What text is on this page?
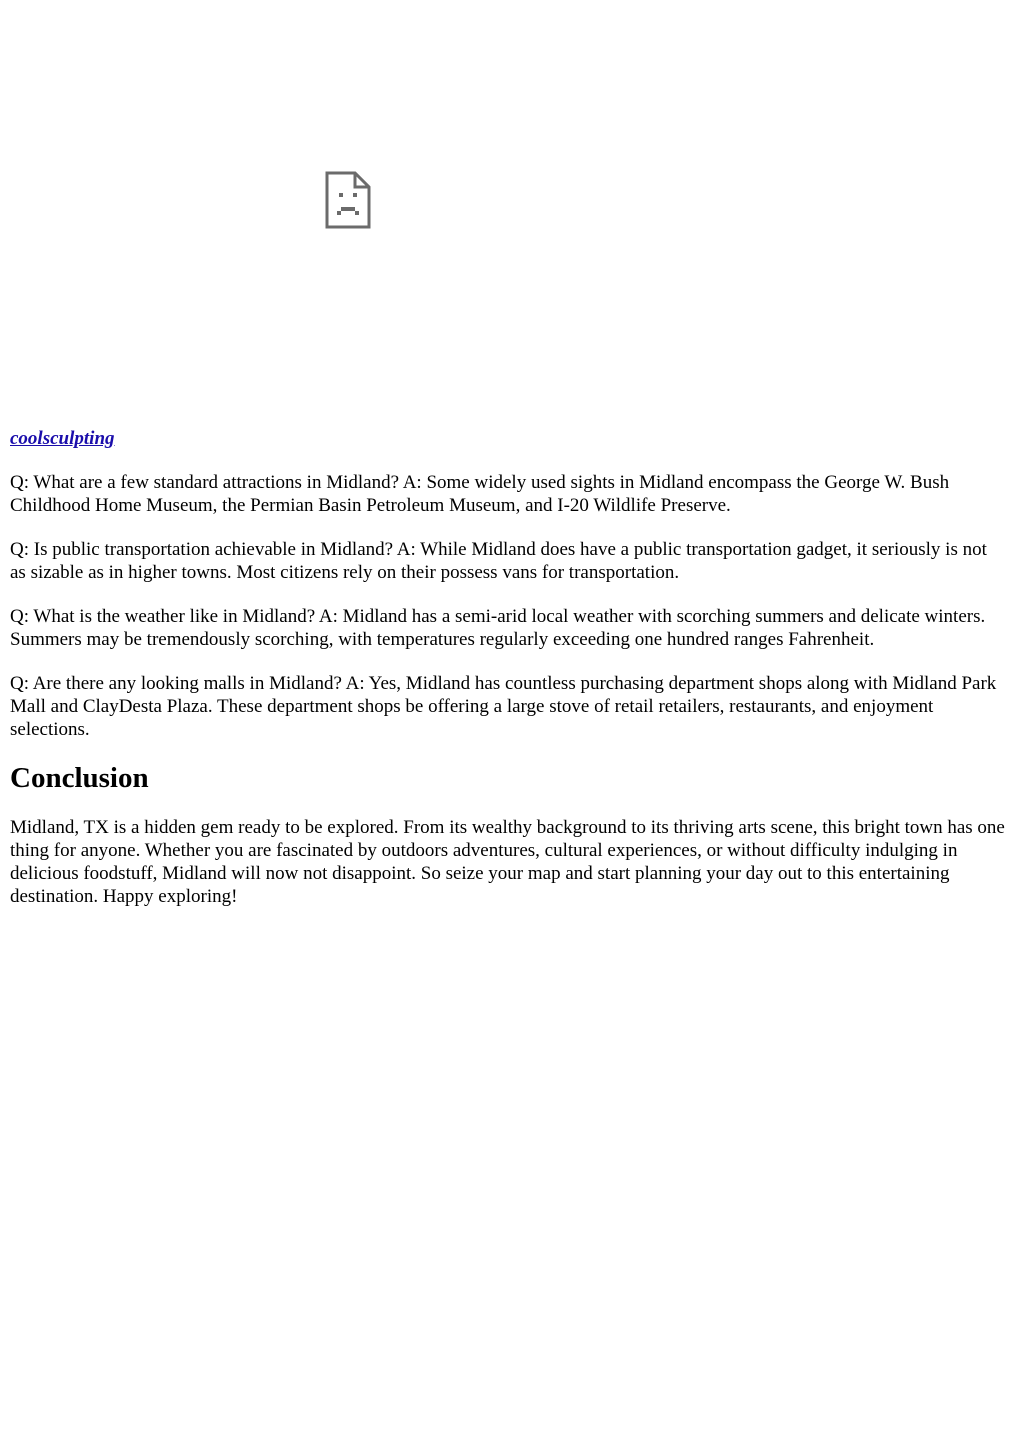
coolsculpting

Q: What are a few standard attractions in Midland? A: Some widely used sights in Midland encompass the George W. Bush Childhood Home Museum, the Permian Basin Petroleum Museum, and I-20 Wildlife Preserve.

Q: Is public transportation achievable in Midland? A: While Midland does have a public transportation gadget, it seriously is not as sizable as in higher towns. Most citizens rely on their possess vans for transportation.

Q: What is the weather like in Midland? A: Midland has a semi-arid local weather with scorching summers and delicate winters. Summers may be tremendously scorching, with temperatures regularly exceeding one hundred ranges Fahrenheit.

Q: Are there any looking malls in Midland? A: Yes, Midland has countless purchasing department shops along with Midland Park Mall and ClayDesta Plaza. These department shops be offering a large stove of retail retailers, restaurants, and enjoyment selections.

Conclusion

Midland, TX is a hidden gem ready to be explored. From its wealthy background to its thriving arts scene, this bright town has one thing for anyone. Whether you are fascinated by outdoors adventures, cultural experiences, or without difficulty indulging in delicious foodstuff, Midland will now not disappoint. So seize your map and start planning your day out to this entertaining destination. Happy exploring!
